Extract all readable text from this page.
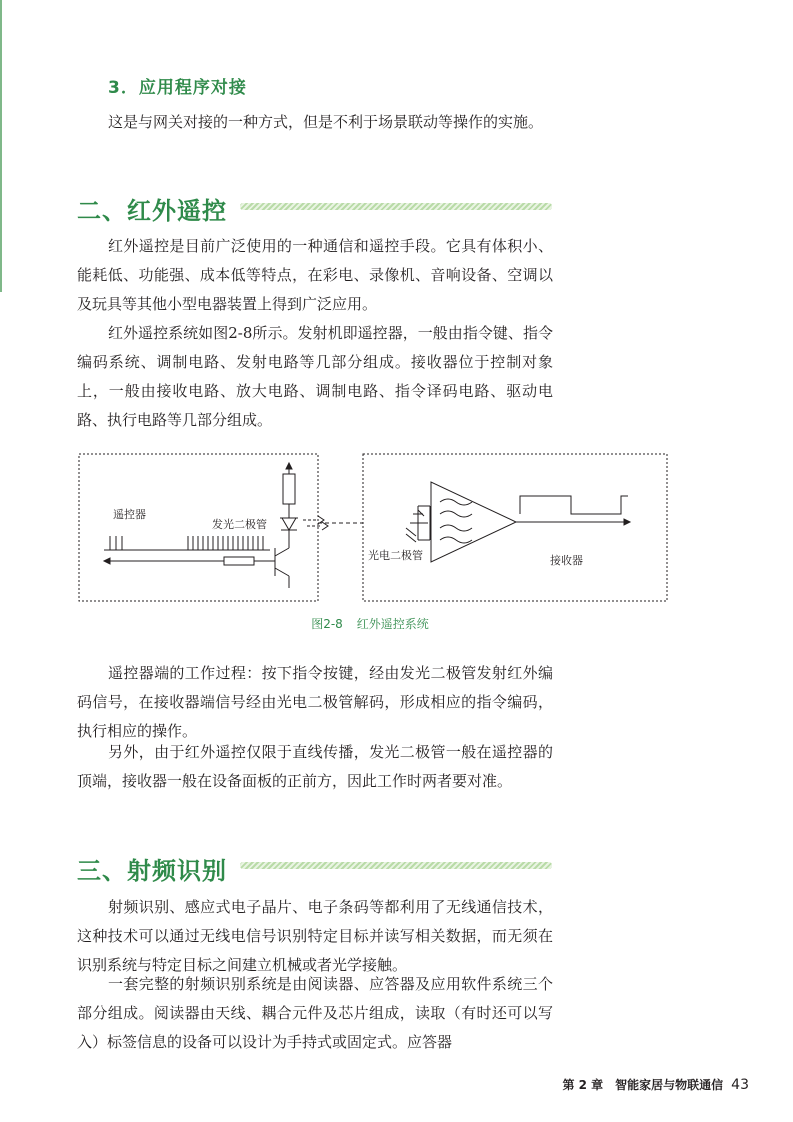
3．应用程序对接

这是与网关对接的一种方式，但是不利于场景联动等操作的实施。

二、红外遥控

红外遥控是目前广泛使用的一种通信和遥控手段。它具有体积小、能耗低、功能强、成本低等特点，在彩电、录像机、音响设备、空调以及玩具等其他小型电器装置上得到广泛应用。

红外遥控系统如图2-8所示。发射机即遥控器，一般由指令键、指令编码系统、调制电路、发射电路等几部分组成。接收器位于控制对象上，一般由接收电路、放大电路、调制电路、指令译码电路、驱动电路、执行电路等几部分组成。

遥控器
发光二极管
光电二极管	接收器
图2-8 红外遥控系统

遥控器端的工作过程：按下指令按键，经由发光二极管发射红外编码信号，在接收器端信号经由光电二极管解码，形成相应的指令编码，执行相应的操作。

另外，由于红外遥控仅限于直线传播，发光二极管一般在遥控器的顶端，接收器一般在设备面板的正前方，因此工作时两者要对准。

三、射频识别

射频识别、感应式电子晶片、电子条码等都利用了无线通信技术，这种技术可以通过无线电信号识别特定目标并读写相关数据，而无须在识别系统与特定目标之间建立机械或者光学接触。

一套完整的射频识别系统是由阅读器、应答器及应用软件系统三个部分组成。阅读器由天线、耦合元件及芯片组成，读取（有时还可以写入）标签信息的设备可以设计为手持式或固定式。应答器

第 2 章　智能家居与物联通信 43
